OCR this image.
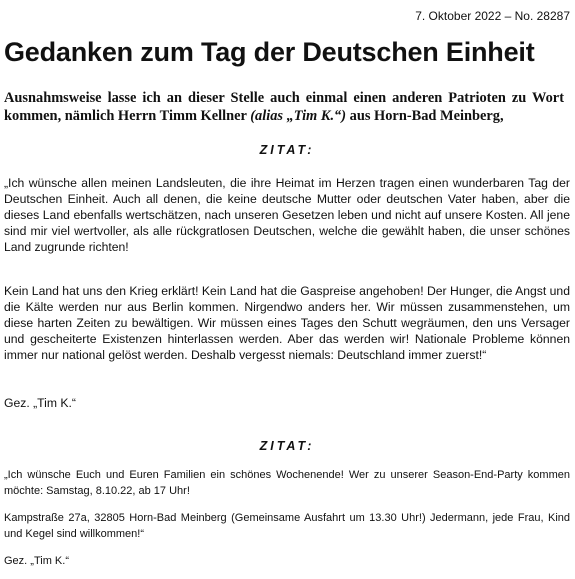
7. Oktober 2022 – No. 28287
Gedanken zum Tag der Deutschen Einheit

Ausnahmsweise lasse ich an dieser Stelle auch einmal einen anderen Patrioten zu Wort kommen, nämlich Herrn Timm Kellner (alias „Tim K.“) aus Horn-Bad Meinberg,

ZITAT:

„Ich wünsche allen meinen Landsleuten, die ihre Heimat im Herzen tragen einen wunderbaren Tag der Deutschen Einheit. Auch all denen, die keine deutsche Mutter oder deutschen Vater haben, aber die dieses Land ebenfalls wertschätzen, nach unseren Gesetzen leben und nicht auf unsere Kosten. All jene sind mir viel wertvoller, als alle rückgratlosen Deutschen, welche die gewählt haben, die unser schönes Land zugrunde richten!

Kein Land hat uns den Krieg erklärt! Kein Land hat die Gaspreise angehoben! Der Hunger, die Angst und die Kälte werden nur aus Berlin kommen. Nirgendwo anders her. Wir müssen zusammenstehen, um diese harten Zeiten zu bewältigen. Wir müssen eines Tages den Schutt wegräumen, den uns Versager und gescheiterte Existenzen hinterlassen werden. Aber das werden wir! Nationale Probleme können immer nur national gelöst werden. Deshalb vergesst niemals: Deutschland immer zuerst!“

Gez. „Tim K.“

ZITAT:

„Ich wünsche Euch und Euren Familien ein schönes Wochenende! Wer zu unserer Season-End-Party kommen möchte: Samstag, 8.10.22, ab 17 Uhr!

Kampstraße 27a, 32805 Horn-Bad Meinberg (Gemeinsame Ausfahrt um 13.30 Uhr!) Jedermann, jede Frau, Kind und Kegel sind willkommen!“

Gez. „Tim K.“
